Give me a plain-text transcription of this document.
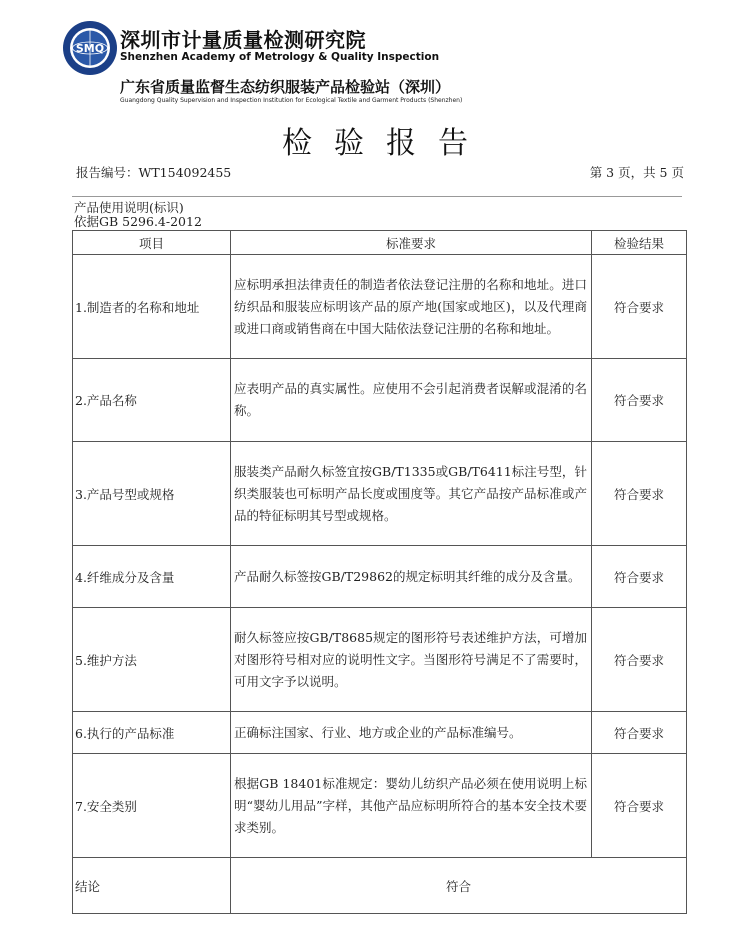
SMQ 深圳市计量质量检测研究院
Shenzhen Academy of Metrology & Quality Inspection
广东省质量监督生态纺织服装产品检验站（深圳）
Guangdong Quality Supervision and Inspection Institution for Ecological Textile and Garment Products (Shenzhen)
检验报告
报告编号：WT154092455	第 3 页，共 5 页
产品使用说明(标识)
依据GB 5296.4-2012
项目	标准要求	检验结果
1.制造者的名称和地址	应标明承担法律责任的制造者依法登记注册的名称和地址。进口纺织品和服装应标明该产品的原产地(国家或地区)，以及代理商或进口商或销售商在中国大陆依法登记注册的名称和地址。	符合要求
2.产品名称	应表明产品的真实属性。应使用不会引起消费者误解或混淆的名称。	符合要求
3.产品号型或规格	服装类产品耐久标签宜按GB/T1335或GB/T6411标注号型，针织类服装也可标明产品长度或围度等。其它产品按产品标准或产品的特征标明其号型或规格。	符合要求
4.纤维成分及含量	产品耐久标签按GB/T29862的规定标明其纤维的成分及含量。	符合要求
5.维护方法	耐久标签应按GB/T8685规定的图形符号表述维护方法，可增加对图形符号相对应的说明性文字。当图形符号满足不了需要时，可用文字予以说明。	符合要求
6.执行的产品标准	正确标注国家、行业、地方或企业的产品标准编号。	符合要求
7.安全类别	根据GB 18401标准规定：婴幼儿纺织产品必须在使用说明上标明“婴幼儿用品”字样，其他产品应标明所符合的基本安全技术要求类别。	符合要求
结论	符合	
